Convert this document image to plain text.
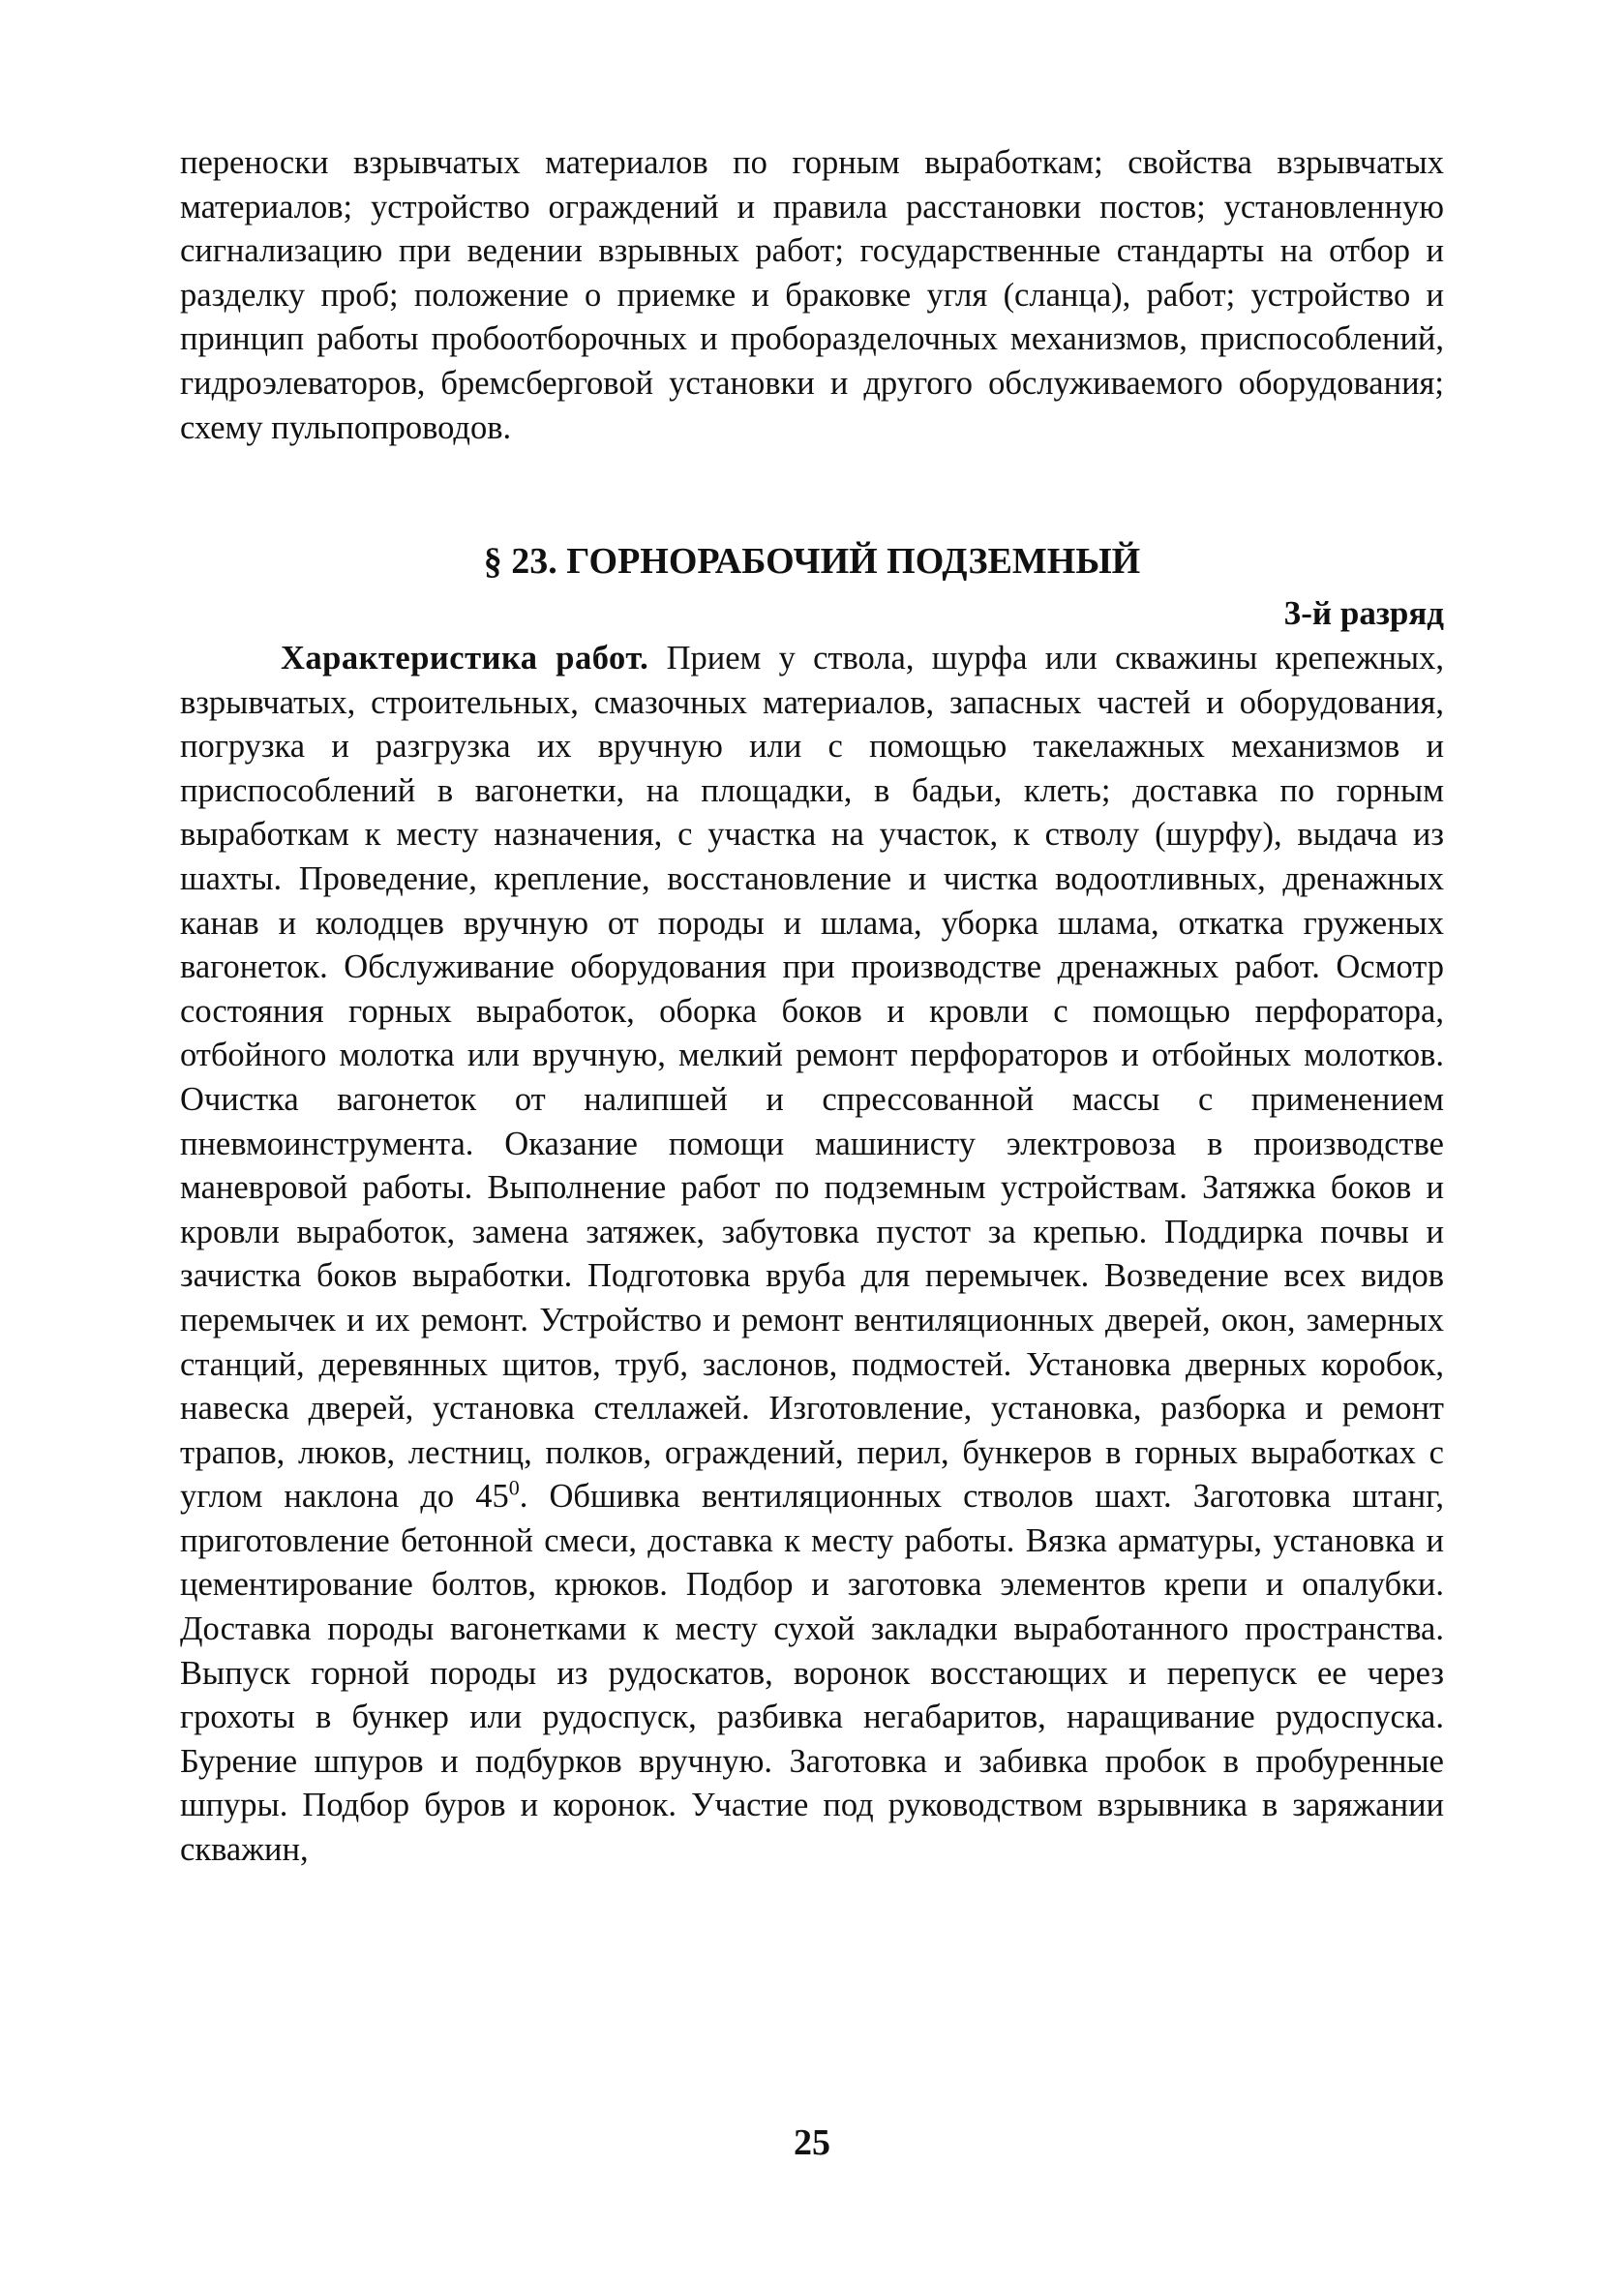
переноски взрывчатых материалов по горным выработкам; свойства взрывчатых материалов; устройство ограждений и правила расстановки постов; установленную сигнализацию при ведении взрывных работ; государственные стандарты на отбор и разделку проб; положение о приемке и браковке угля (сланца), работ; устройство и принцип работы пробоотборочных и проборазделочных механизмов, приспособлений, гидроэлеваторов, бремсберговой установки и другого обслуживаемого оборудования; схему пульпопроводов.

§ 23. ГОРНОРАБОЧИЙ ПОДЗЕМНЫЙ
3-й разряд

Характеристика работ. Прием у ствола, шурфа или скважины крепежных, взрывчатых, строительных, смазочных материалов, запасных частей и оборудования, погрузка и разгрузка их вручную или с помощью такелажных механизмов и приспособлений в вагонетки, на площадки, в бадьи, клеть; доставка по горным выработкам к месту назначения, с участка на участок, к стволу (шурфу), выдача из шахты. Проведение, крепление, восстановление и чистка водоотливных, дренажных канав и колодцев вручную от породы и шлама, уборка шлама, откатка груженых вагонеток. Обслуживание оборудования при производстве дренажных работ. Осмотр состояния горных выработок, оборка боков и кровли с помощью перфоратора, отбойного молотка или вручную, мелкий ремонт перфораторов и отбойных молотков. Очистка вагонеток от налипшей и спрессованной массы с применением пневмоинструмента. Оказание помощи машинисту электровоза в производстве маневровой работы. Выполнение работ по подземным устройствам. Затяжка боков и кровли выработок, замена затяжек, забутовка пустот за крепью. Поддирка почвы и зачистка боков выработки. Подготовка вруба для перемычек. Возведение всех видов перемычек и их ремонт. Устройство и ремонт вентиляционных дверей, окон, замерных станций, деревянных щитов, труб, заслонов, подмостей. Установка дверных коробок, навеска дверей, установка стеллажей. Изготовление, установка, разборка и ремонт трапов, люков, лестниц, полков, ограждений, перил, бункеров в горных выработках с углом наклона до $45^0$. Обшивка вентиляционных стволов шахт. Заготовка штанг, приготовление бетонной смеси, доставка к месту работы. Вязка арматуры, установка и цементирование болтов, крюков. Подбор и заготовка элементов крепи и опалубки. Доставка породы вагонетками к месту сухой закладки выработанного пространства. Выпуск горной породы из рудоскатов, воронок восстающих и перепуск ее через грохоты в бункер или рудоспуск, разбивка негабаритов, наращивание рудоспуска. Бурение шпуров и подбурков вручную. Заготовка и забивка пробок в пробуренные шпуры. Подбор буров и коронок. Участие под руководством взрывника в заряжании скважин,

25
